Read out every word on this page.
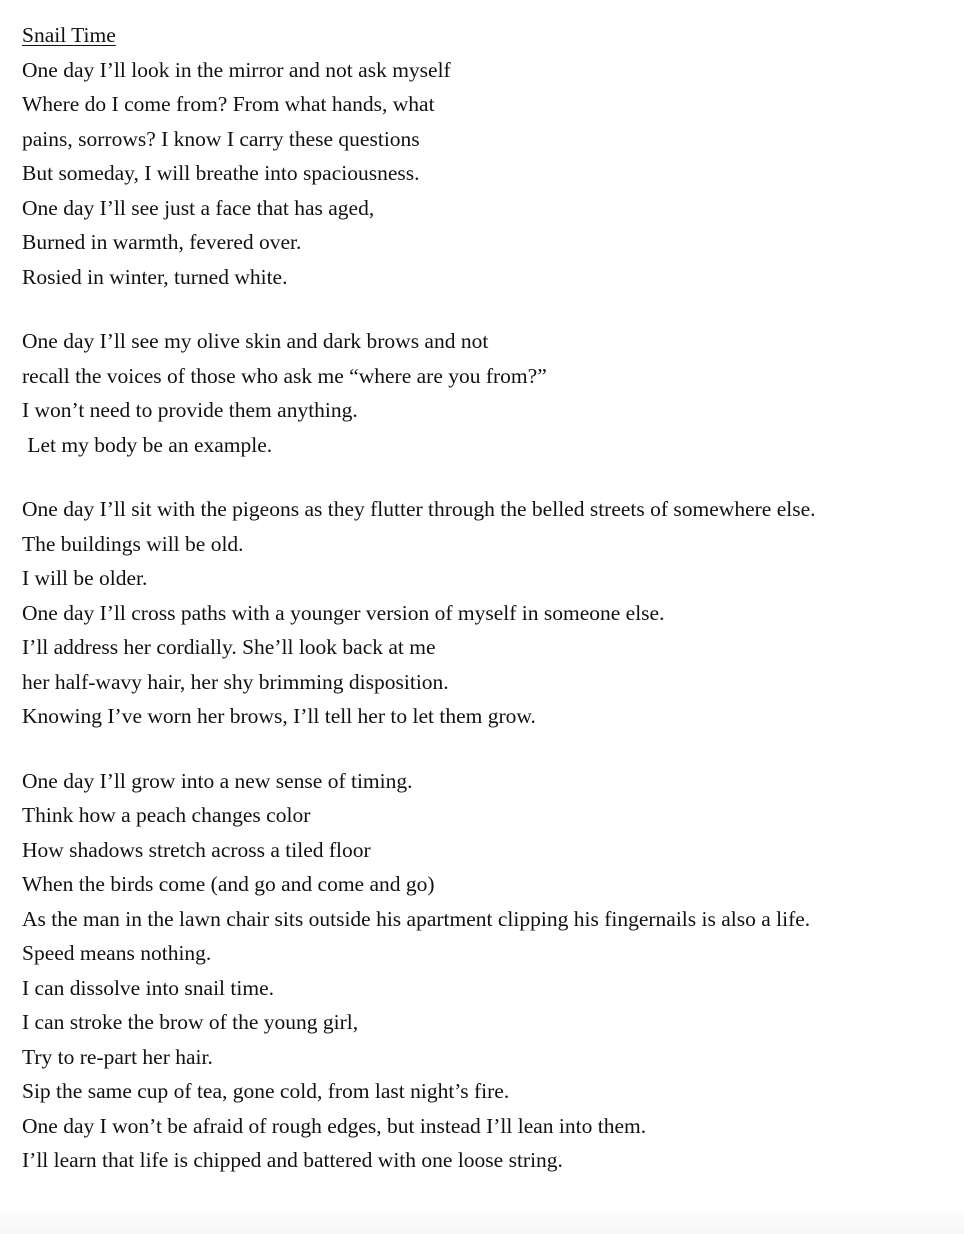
Snail Time
One day I’ll look in the mirror and not ask myself
Where do I come from? From what hands, what
pains, sorrows? I know I carry these questions
But someday, I will breathe into spaciousness.
One day I’ll see just a face that has aged,
Burned in warmth, fevered over.
Rosied in winter, turned white.
One day I’ll see my olive skin and dark brows and not
recall the voices of those who ask me “where are you from?”
I won’t need to provide them anything.
Let my body be an example.
One day I’ll sit with the pigeons as they flutter through the belled streets of somewhere else.
The buildings will be old.
I will be older.
One day I’ll cross paths with a younger version of myself in someone else.
I’ll address her cordially. She’ll look back at me
her half-wavy hair, her shy brimming disposition.
Knowing I’ve worn her brows, I’ll tell her to let them grow.
One day I’ll grow into a new sense of timing.
Think how a peach changes color
How shadows stretch across a tiled floor
When the birds come (and go and come and go)
As the man in the lawn chair sits outside his apartment clipping his fingernails is also a life.
Speed means nothing.
I can dissolve into snail time.
I can stroke the brow of the young girl,
Try to re-part her hair.
Sip the same cup of tea, gone cold, from last night’s fire.
One day I won’t be afraid of rough edges, but instead I’ll lean into them.
I’ll learn that life is chipped and battered with one loose string.
